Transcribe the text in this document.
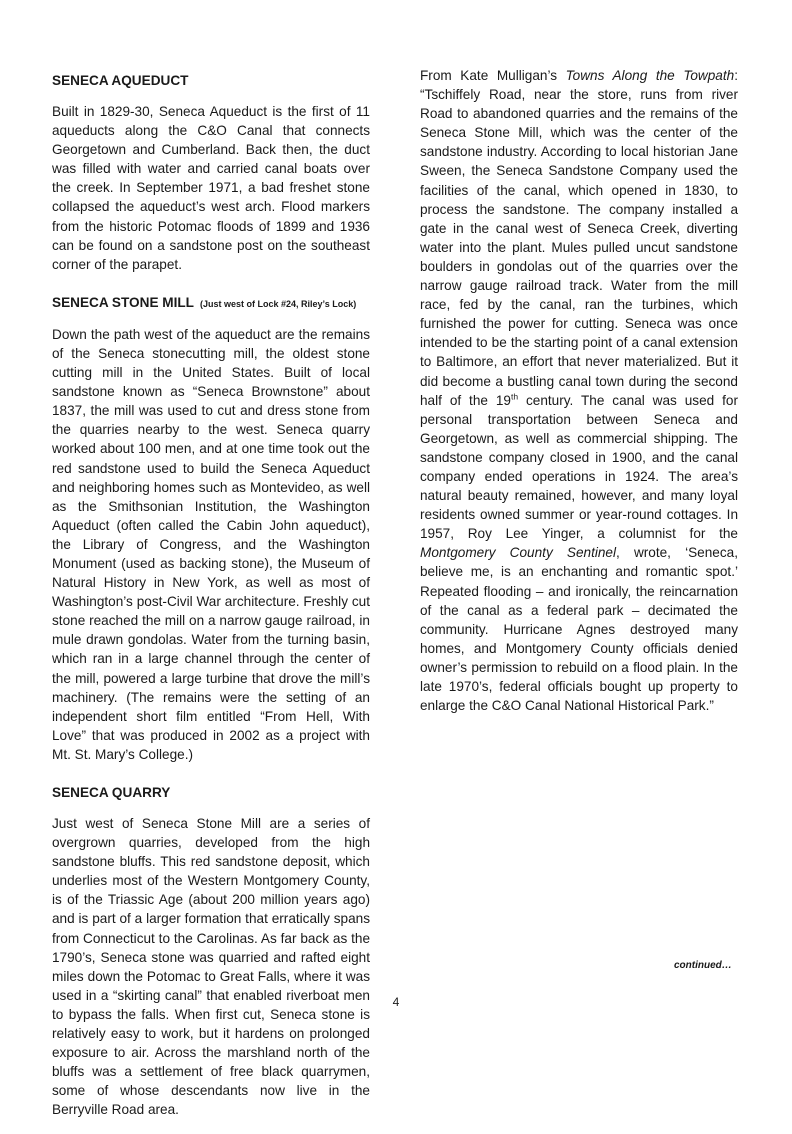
SENECA AQUEDUCT

Built in 1829-30, Seneca Aqueduct is the first of 11 aqueducts along the C&O Canal that connects Georgetown and Cumberland. Back then, the duct was filled with water and carried canal boats over the creek. In September 1971, a bad freshet stone collapsed the aqueduct’s west arch. Flood markers from the historic Potomac floods of 1899 and 1936 can be found on a sandstone post on the southeast corner of the parapet.

SENECA STONE MILL (Just west of Lock #24, Riley’s Lock)

Down the path west of the aqueduct are the remains of the Seneca stonecutting mill, the oldest stone cutting mill in the United States. Built of local sandstone known as “Seneca Brownstone” about 1837, the mill was used to cut and dress stone from the quarries nearby to the west. Seneca quarry worked about 100 men, and at one time took out the red sandstone used to build the Seneca Aqueduct and neighboring homes such as Montevideo, as well as the Smithsonian Institution, the Washington Aqueduct (often called the Cabin John aqueduct), the Library of Congress, and the Washington Monument (used as backing stone), the Museum of Natural History in New York, as well as most of Washington’s post-Civil War architecture. Freshly cut stone reached the mill on a narrow gauge railroad, in mule drawn gondolas. Water from the turning basin, which ran in a large channel through the center of the mill, powered a large turbine that drove the mill’s machinery. (The remains were the setting of an independent short film entitled “From Hell, With Love” that was produced in 2002 as a project with Mt. St. Mary’s College.)

SENECA QUARRY

Just west of Seneca Stone Mill are a series of overgrown quarries, developed from the high sandstone bluffs. This red sandstone deposit, which underlies most of the Western Montgomery County, is of the Triassic Age (about 200 million years ago) and is part of a larger formation that erratically spans from Connecticut to the Carolinas. As far back as the 1790’s, Seneca stone was quarried and rafted eight miles down the Potomac to Great Falls, where it was used in a “skirting canal” that enabled riverboat men to bypass the falls. When first cut, Seneca stone is relatively easy to work, but it hardens on prolonged exposure to air. Across the marshland north of the bluffs was a settlement of free black quarrymen, some of whose descendants now live in the Berryville Road area.

From Kate Mulligan’s Towns Along the Towpath: “Tschiffely Road, near the store, runs from river Road to abandoned quarries and the remains of the Seneca Stone Mill, which was the center of the sandstone industry. According to local historian Jane Sween, the Seneca Sandstone Company used the facilities of the canal, which opened in 1830, to process the sandstone. The company installed a gate in the canal west of Seneca Creek, diverting water into the plant. Mules pulled uncut sandstone boulders in gondolas out of the quarries over the narrow gauge railroad track. Water from the mill race, fed by the canal, ran the turbines, which furnished the power for cutting. Seneca was once intended to be the starting point of a canal extension to Baltimore, an effort that never materialized. But it did become a bustling canal town during the second half of the 19th century. The canal was used for personal transportation between Seneca and Georgetown, as well as commercial shipping. The sandstone company closed in 1900, and the canal company ended operations in 1924. The area’s natural beauty remained, however, and many loyal residents owned summer or year-round cottages. In 1957, Roy Lee Yinger, a columnist for the Montgomery County Sentinel, wrote, ‘Seneca, believe me, is an enchanting and romantic spot.’ Repeated flooding – and ironically, the reincarnation of the canal as a federal park – decimated the community. Hurricane Agnes destroyed many homes, and Montgomery County officials denied owner’s permission to rebuild on a flood plain. In the late 1970’s, federal officials bought up property to enlarge the C&O Canal National Historical Park.”

continued…
4
